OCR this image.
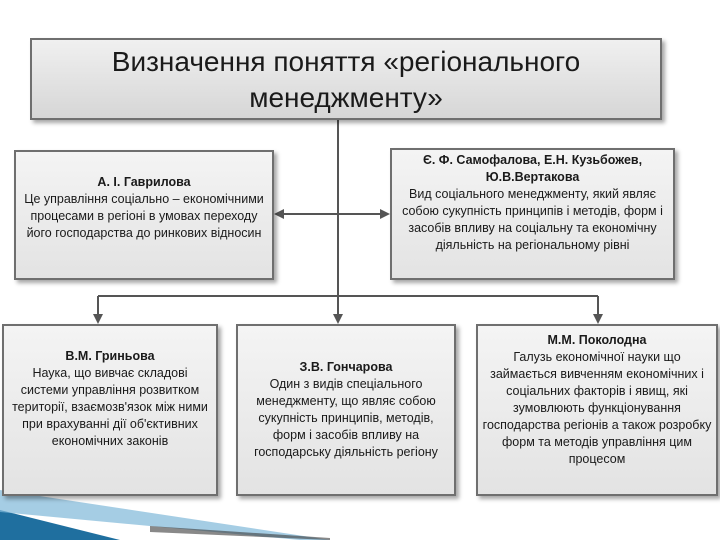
Визначення поняття «регіонального менеджменту»
А. І. Гаврилова
Це управління соціально – економічними процесами в регіоні в умовах переходу його господарства до ринкових відносин
Є. Ф. Самофалова, Е.Н. Кузьбожев, Ю.В.Вертакова
Вид соціального менеджменту, який являє собою сукупність принципів і методів, форм і засобів впливу на соціальну та економічну діяльність на регіональному рівні
В.М. Гриньова
Наука, що вивчає складові системи управління розвитком території, взаємозв'язок між ними при врахуванні дії об'єктивних економічних законів
З.В. Гончарова
Один з видів спеціального менеджменту, що являє собою сукупність принципів, методів, форм і засобів впливу на господарську діяльність регіону
М.М. Поколодна
Галузь економічної науки що займається вивченням економічних і соціальних факторів і явищ, які зумовлюють функціонування господарства регіонів а також розробку форм та методів управління цим процесом
